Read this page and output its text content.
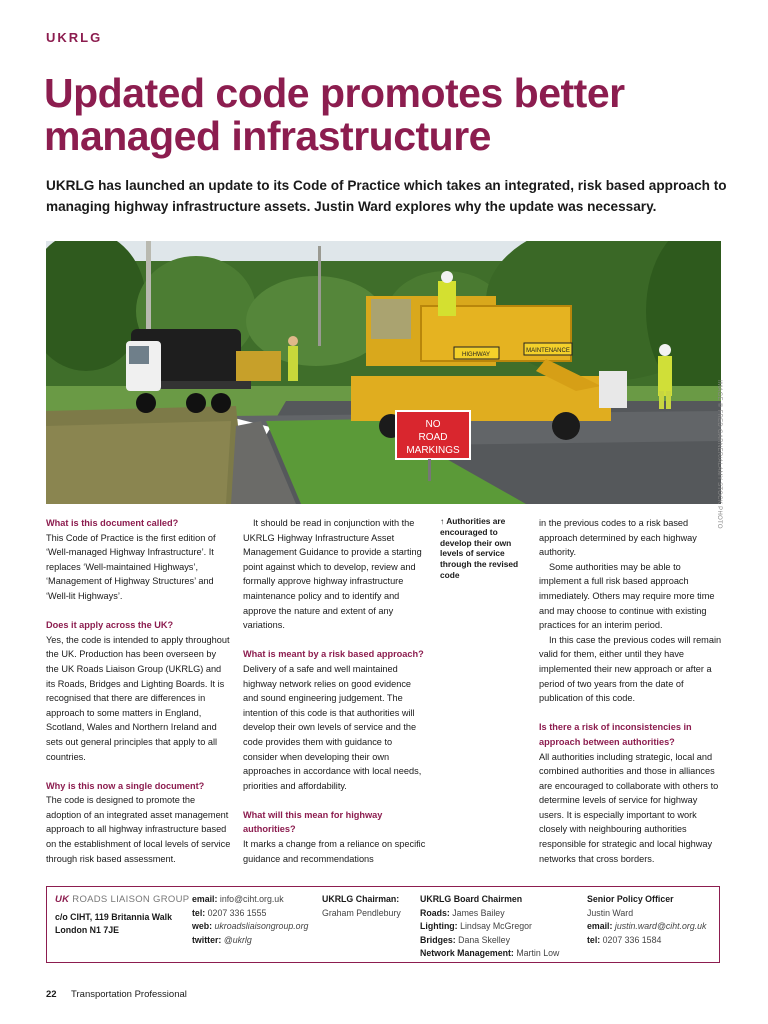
UKRLG
Updated code promotes better managed infrastructure

UKRLG has launched an update to its Code of Practice which takes an integrated, risk based approach to managing highway infrastructure assets. Justin Ward explores why the update was necessary.

HIGHWAY
MAINTENANCE
NO
ROAD
MARKINGS	IMAGE © FRED GARNER/ALAMY STOCK PHOTO
What is this document called?

This Code of Practice is the first edition of ‘Well-managed Highway Infrastructure’. It replaces ‘Well-maintained Highways’, ‘Management of Highway Structures’ and ‘Well-lit Highways’.

Does it apply across the UK?

Yes, the code is intended to apply throughout the UK. Production has been overseen by the UK Roads Liaison Group (UKRLG) and its Roads, Bridges and Lighting Boards. It is recognised that there are differences in approach to some matters in England, Scotland, Wales and Northern Ireland and sets out general principles that apply to all countries.

Why is this now a single document?

The code is designed to promote the adoption of an integrated asset management approach to all highway infrastructure based on the establishment of local levels of service through risk based assessment.

It should be read in conjunction with the UKRLG Highway Infrastructure Asset Management Guidance to provide a starting point against which to develop, review and formally approve highway infrastructure maintenance policy and to identify and approve the nature and extent of any variations.

What is meant by a risk based approach?

Delivery of a safe and well maintained highway network relies on good evidence and sound engineering judgement. The intention of this code is that authorities will develop their own levels of service and the code provides them with guidance to consider when developing their own approaches in accordance with local needs, priorities and affordability.

What will this mean for highway authorities?

It marks a change from a reliance on specific guidance and recommendations

↑ Authorities are encouraged to develop their own levels of service through the revised code

in the previous codes to a risk based approach determined by each highway authority.

Some authorities may be able to implement a full risk based approach immediately. Others may require more time and may choose to continue with existing practices for an interim period.

In this case the previous codes will remain valid for them, either until they have implemented their new approach or after a period of two years from the date of publication of this code.

Is there a risk of inconsistencies in approach between authorities?

All authorities including strategic, local and combined authorities and those in alliances are encouraged to collaborate with others to determine levels of service for highway users. It is especially important to work closely with neighbouring authorities responsible for strategic and local highway networks that cross borders.

UK ROADS LIAISON GROUP
c/o CIHT, 119 Britannia Walk
London N1 7JE
email: info@ciht.org.uk
tel: 0207 336 1555
web: ukroadsliaisongroup.org
twitter: @ukrlg
UKRLG Chairman:
Graham Pendlebury
UKRLG Board Chairmen
Roads: James Bailey
Lighting: Lindsay McGregor
Bridges: Dana Skelley
Network Management: Martin Low
Senior Policy Officer
Justin Ward
email: justin.ward@ciht.org.uk
tel: 0207 336 1584
22 Transportation Professional
